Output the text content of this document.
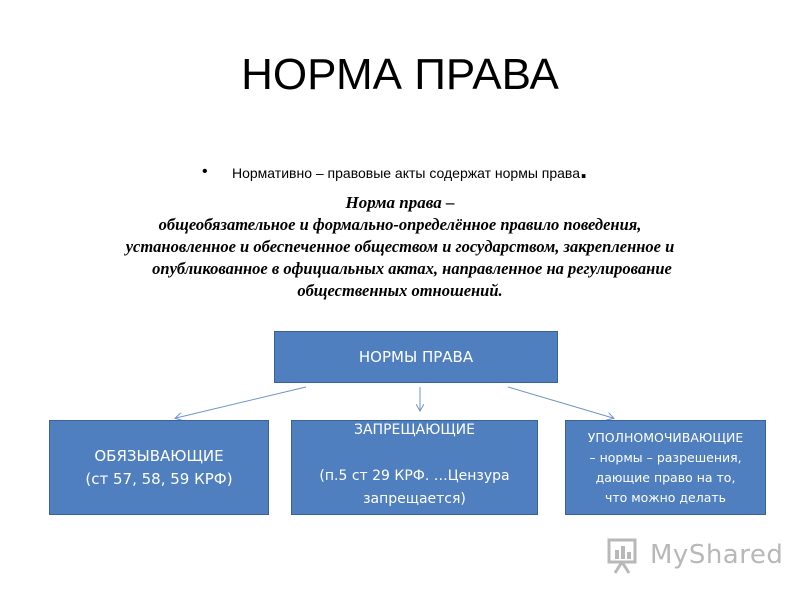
НОРМА ПРАВА
• Нормативно – правовые акты содержат нормы права.
Норма права –
общеобязательное и формально-определённое правило поведения,
установленное и обеспеченное обществом и государством, закрепленное и
опубликованное в официальных актах, направленное на регулирование
общественных отношений.
НОРМЫ ПРАВА
ОБЯЗЫВАЮЩИЕ
(ст 57, 58, 59 КРФ)
ЗАПРЕЩАЮЩИЕ
(п.5 ст 29 КРФ. …Цензура
запрещается)
УПОЛНОМОЧИВАЮЩИЕ
– нормы – разрешения,
дающие право на то,
что можно делать
MyShared
